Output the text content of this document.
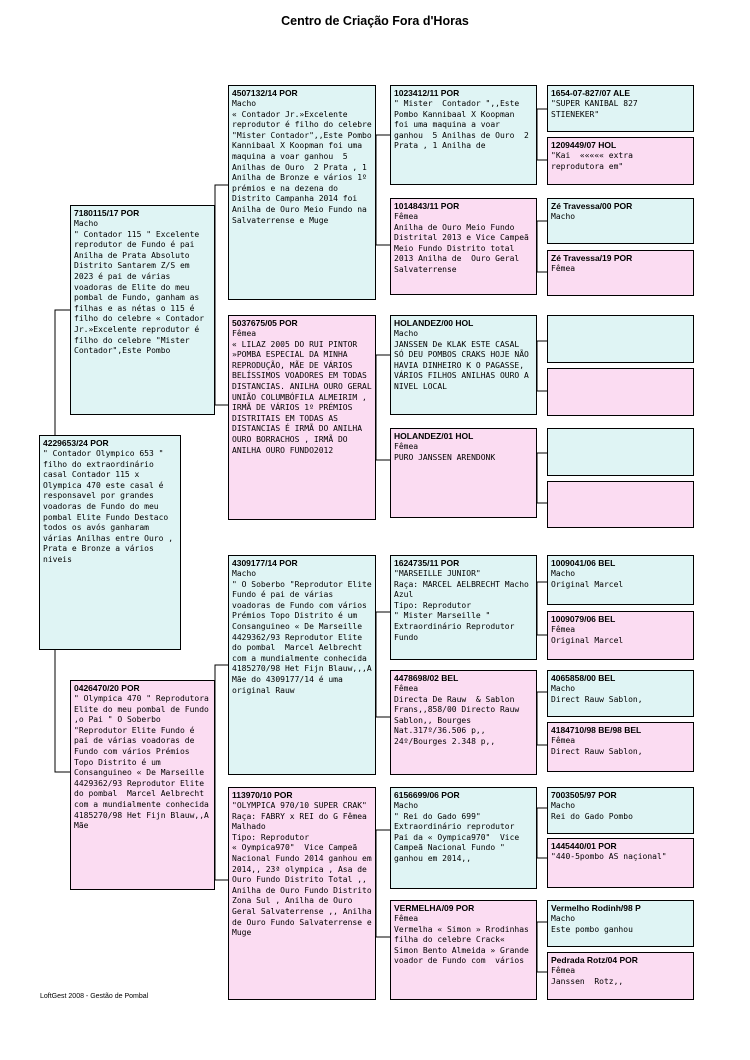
Centro de Criação Fora d'Horas
4229653/24 POR
" Contador Olympico 653 " filho do extraordinário casal Contador 115 x Olympica 470 este casal é responsavel por grandes voadoras de Fundo do meu pombal Elite Fundo Destaco todos os avós ganharam várias Anilhas entre Ouro , Prata e Bronze a vários niveis
7180115/17 POR
Macho
" Contador 115 " Excelente reprodutor de Fundo é pai Anilha de Prata Absoluto Distrito Santarem Z/S em 2023 é pai de várias voadoras de Elite do meu pombal de Fundo, ganham as filhas e as nétas o 115 é filho do celebre « Contador Jr.»Excelente reprodutor é filho do celebre "Mister Contador",Este Pombo
0426470/20 POR
" Olympica 470 " Reprodutora Elite do meu pombal de Fundo ,o Pai " O Soberbo "Reprodutor Elite Fundo é pai de várias voadoras de Fundo com vários Prémios Topo Distrito é um Consanguineo « De Marseille 4429362/93 Reprodutor Elite do pombal  Marcel Aelbrecht com a mundialmente conhecida 4185270/98 Het Fijn Blauw,,A Mãe
4507132/14 POR
Macho
« Contador Jr.»Excelente reprodutor é filho do celebre "Mister Contador",,Este Pombo Kannibaal X Koopman foi uma maquina a voar ganhou  5 Anilhas de Ouro  2 Prata , 1 Anilha de Bronze e vários 1º prémios e na dezena do Distrito Campanha 2014 foi Anilha de Ouro Meio Fundo na Salvaterrense e Muge
5037675/05 POR
Fêmea
« LILAZ 2005 DO RUI PINTOR »POMBA ESPECIAL DA MINHA REPRODUÇÃO, MÃE DE VÁRIOS BELÍSSIMOS VOADORES EM TODAS DISTANCIAS. ANILHA OURO GERAL UNIÃO COLUMBÓFILA ALMEIRIM , IRMÃ DE VÁRIOS 1º PRÉMIOS DISTRITAIS EM TODAS AS DISTANCIAS É IRMÃ DO ANILHA OURO BORRACHOS , IRMÃ DO ANILHA OURO FUNDO2012
4309177/14 POR
Macho
" O Soberbo "Reprodutor Elite Fundo é pai de várias voadoras de Fundo com vários Prémios Topo Distrito é um Consanguineo « De Marseille 4429362/93 Reprodutor Elite do pombal  Marcel Aelbrecht com a mundialmente conhecida 4185270/98 Het Fijn Blauw,,,A Mãe do 4309177/14 é uma original Rauw
113970/10 POR
"OLYMPICA 970/10 SUPER CRAK"
Raça: FABRY x REI do G Fêmea Malhado
Tipo: Reprodutor
« Oympica970"  Vice Campeã Nacional Fundo 2014 ganhou em 2014,, 23ª olympica , Asa de Ouro Fundo Distrito Total ,, Anilha de Ouro Fundo Distrito Zona Sul , Anilha de Ouro Geral Salvaterrense ,, Anilha de Ouro Fundo Salvaterrense e Muge
1023412/11 POR
" Mister  Contador ",,Este Pombo Kannibaal X Koopman foi uma maquina a voar ganhou  5 Anilhas de Ouro  2 Prata , 1 Anilha de
1014843/11 POR
Fêmea
Anilha de Ouro Meio Fundo Distrital 2013 e Vice Campeã Meio Fundo Distrito total 2013 Anilha de  Ouro Geral Salvaterrense
HOLANDEZ/00 HOL
Macho
JANSSEN De KLAK ESTE CASAL SÓ DEU POMBOS CRAKS HOJE NÃO HAVIA DINHEIRO K O PAGASSE, VÁRIOS FILHOS ANILHAS OURO A NIVEL LOCAL
HOLANDEZ/01 HOL
Fêmea
PURO JANSSEN ARENDONK
1624735/11 POR
"MARSEILLE JUNIOR"
Raça: MARCEL AELBRECHT Macho Azul
Tipo: Reprodutor
" Mister Marseille " Extraordinário Reprodutor  Fundo
4478698/02 BEL
Fêmea
Directa De Rauw  & Sablon Frans,,858/00 Directo Rauw Sablon,, Bourges Nat.317º/36.506 p,, 24º/Bourges 2.348 p,,
6156699/06 POR
Macho
" Rei do Gado 699" Extraordinário reprodutor Pai da « Oympica970"  Vice Campeã Nacional Fundo " ganhou em 2014,,
VERMELHA/09 POR
Fêmea
Vermelha « Simon » Rrodinhas filha do celebre Crack« Simon Bento Almeida » Grande voador de Fundo com  vários
1654-07-827/07 ALE
"SUPER KANIBAL 827 STIENEKER"
1209449/07 HOL
"Kai  ««««« extra reprodutora em"
Zé Travessa/00 POR
Macho
Zé Travessa/19 POR
Fêmea
1009041/06 BEL
Macho
Original Marcel
1009079/06 BEL
Fêmea
Original Marcel
4065858/00 BEL
Macho
Direct Rauw Sablon,
4184710/98 BE/98 BEL
Fêmea
Direct Rauw Sablon,
7003505/97 POR
Macho
Rei do Gado Pombo
1445440/01 POR
"440-5pombo AS naçional"
Vermelho Rodinh/98 P
Macho
Este pombo ganhou
Pedrada Rotz/04 POR
Fêmea
Janssen  Rotz,,
LoftGest 2008 - Gestão de Pombal
